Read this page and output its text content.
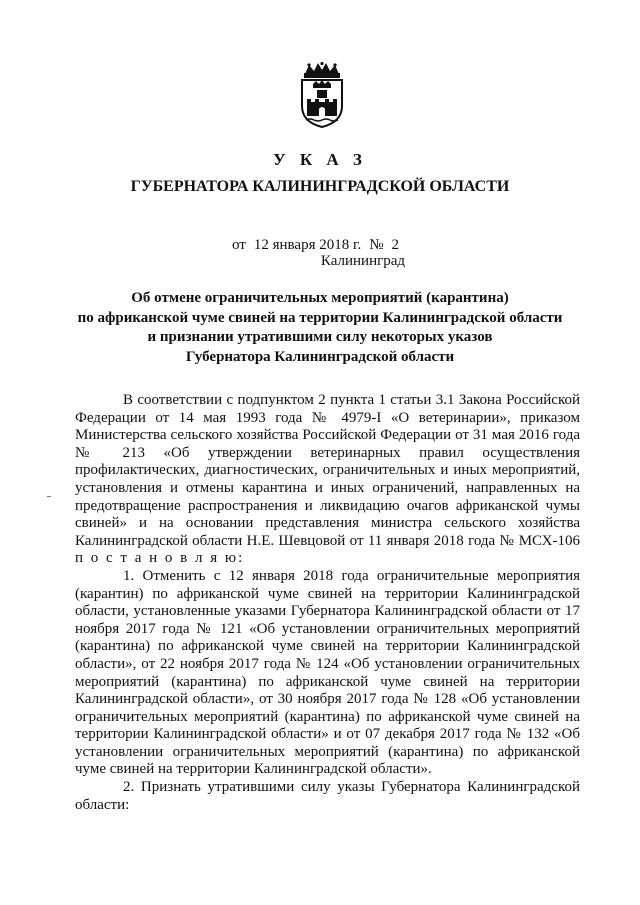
У К А З
ГУБЕРНАТОРА КАЛИНИНГРАДСКОЙ ОБЛАСТИ
от 12 января 2018 г. № 2
Калининград
Об отмене ограничительных мероприятий (карантина)
по африканской чуме свиней на территории Калининградской области
и признании утратившими силу некоторых указов
Губернатора Калининградской области

В соответствии с подпунктом 2 пункта 1 статьи 3.1 Закона Российской Федерации от 14 мая 1993 года № 4979-I «О ветеринарии», приказом Министерства сельского хозяйства Российской Федерации от 31 мая 2016 года № 213 «Об утверждении ветеринарных правил осуществления профилактических, диагностических, ограничительных и иных мероприятий, установления и отмены карантина и иных ограничений, направленных на предотвращение распространения и ликвидацию очагов африканской чумы свиней» и на основании представления министра сельского хозяйства Калининградской области Н.Е. Шевцовой от 11 января 2018 года № МСХ-106 п о с т а н о в л я ю:

1. Отменить с 12 января 2018 года ограничительные мероприятия (карантин) по африканской чуме свиней на территории Калининградской области, установленные указами Губернатора Калининградской области от 17 ноября 2017 года № 121 «Об установлении ограничительных мероприятий (карантина) по африканской чуме свиней на территории Калининградской области», от 22 ноября 2017 года № 124 «Об установлении ограничительных мероприятий (карантина) по африканской чуме свиней на территории Калининградской области», от 30 ноября 2017 года № 128 «Об установлении ограничительных мероприятий (карантина) по африканской чуме свиней на территории Калининградской области» и от 07 декабря 2017 года № 132 «Об установлении ограничительных мероприятий (карантина) по африканской чуме свиней на территории Калининградской области».

2. Признать утратившими силу указы Губернатора Калининградской области:
